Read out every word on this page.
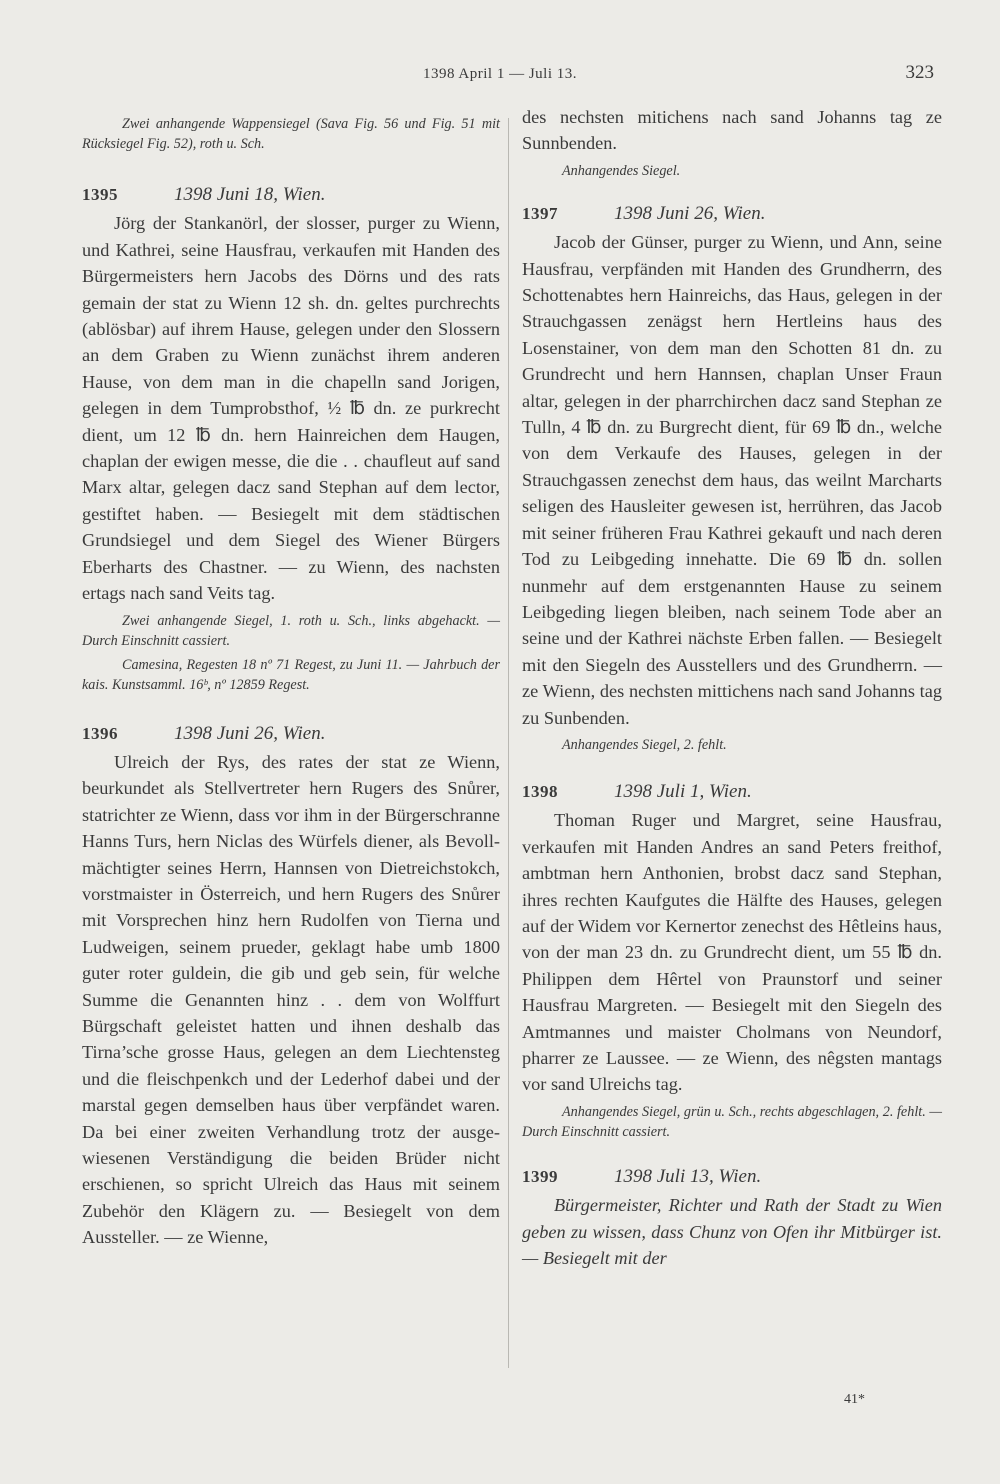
1398 April 1 — Juli 13.	323

Zwei anhangende Wappensiegel (Sava Fig. 56 und Fig. 51 mit Rücksiegel Fig. 52), roth u. Sch.

1395	1398 Juni 18, Wien.

Jörg der Stankanörl, der slosser, purger zu Wienn, und Kathrei, seine Hausfrau, verkaufen mit Handen des Bürgermeisters hern Jacobs des Dörns und des rats gemain der stat zu Wienn 12 sh. dn. geltes purchrechts (ablösbar) auf ihrem Hause, gelegen under den Slossern an dem Graben zu Wienn zunächst ihrem anderen Hause, von dem man in die chapelln sand Jorigen, gelegen in dem Tumprobsthof, ½ ℔ dn. ze purkrecht dient, um 12 ℔ dn. hern Hainreichen dem Haugen, chaplan der ewigen messe, die die . . chaufleut auf sand Marx altar, gelegen dacz sand Stephan auf dem lector, gestiftet haben. — Besiegelt mit dem städtischen Grundsiegel und dem Siegel des Wiener Bürgers Eberharts des Chastner. — zu Wienn, des nachsten ertags nach sand Veits tag.

Zwei anhangende Siegel, 1. roth u. Sch., links abgehackt. — Durch Einschnitt cassiert.

Camesina, Regesten 18 nº 71 Regest, zu Juni 11. — Jahrbuch der kais. Kunstsamml. 16ᵇ, nº 12859 Regest.

1396	1398 Juni 26, Wien.

Ulreich der Rys, des rates der stat ze Wienn, beurkundet als Stellvertreter hern Rugers des Snůrer, statrichter ze Wienn, dass vor ihm in der Bürgerschranne Hanns Turs, hern Niclas des Würfels diener, als Bevollmächtigter seines Herrn, Hannsen von Dietreichstokch, vorstmaister in Österreich, und hern Rugers des Snůrer mit Vorsprechen hinz hern Rudolfen von Tierna und Ludweigen, seinem prueder, geklagt habe umb 1800 guter roter guldein, die gib und geb sein, für welche Summe die Genannten hinz . . dem von Wolffurt Bürgschaft geleistet hatten und ihnen deshalb das Tirna’sche grosse Haus, gelegen an dem Liechtensteg und die fleischpenkch und der Lederhof dabei und der marstal gegen demselben haus über verpfändet waren. Da bei einer zweiten Verhandlung trotz der ausgewiesenen Verständigung die beiden Brüder nicht erschienen, so spricht Ulreich das Haus mit seinem Zubehör den Klägern zu. — Besiegelt von dem Aussteller. — ze Wienne,

des nechsten mitichens nach sand Johanns tag ze Sunnbenden.

Anhangendes Siegel.

1397	1398 Juni 26, Wien.

Jacob der Günser, purger zu Wienn, und Ann, seine Hausfrau, verpfänden mit Handen des Grundherrn, des Schottenabtes hern Hainreichs, das Haus, gelegen in der Strauchgassen zenägst hern Hertleins haus des Losenstainer, von dem man den Schotten 81 dn. zu Grundrecht und hern Hannsen, chaplan Unser Fraun altar, gelegen in der pharrchirchen dacz sand Stephan ze Tulln, 4 ℔ dn. zu Burgrecht dient, für 69 ℔ dn., welche von dem Verkaufe des Hauses, gelegen in der Strauchgassen zenechst dem haus, das weilnt Marcharts seligen des Hausleiter gewesen ist, herrühren, das Jacob mit seiner früheren Frau Kathrei gekauft und nach deren Tod zu Leibgeding innehatte. Die 69 ℔ dn. sollen nunmehr auf dem erstgenannten Hause zu seinem Leibgeding liegen bleiben, nach seinem Tode aber an seine und der Kathrei nächste Erben fallen. — Besiegelt mit den Siegeln des Ausstellers und des Grundherrn. — ze Wienn, des nechsten mittichens nach sand Johanns tag zu Sunbenden.

Anhangendes Siegel, 2. fehlt.

1398	1398 Juli 1, Wien.

Thoman Ruger und Margret, seine Hausfrau, verkaufen mit Handen Andres an sand Peters freithof, ambtman hern Anthonien, brobst dacz sand Stephan, ihres rechten Kaufgutes die Hälfte des Hauses, gelegen auf der Widem vor Kernertor zenechst des Hêtleins haus, von der man 23 dn. zu Grundrecht dient, um 55 ℔ dn. Philippen dem Hêrtel von Praunstorf und seiner Hausfrau Margreten. — Besiegelt mit den Siegeln des Amtmannes und maister Cholmans von Neundorf, pharrer ze Laussee. — ze Wienn, des nêgsten mantags vor sand Ulreichs tag.

Anhangendes Siegel, grün u. Sch., rechts abgeschlagen, 2. fehlt. — Durch Einschnitt cassiert.

1399	1398 Juli 13, Wien.

Bürgermeister, Richter und Rath der Stadt zu Wien geben zu wissen, dass Chunz von Ofen ihr Mitbürger ist. — Besiegelt mit der

41*
